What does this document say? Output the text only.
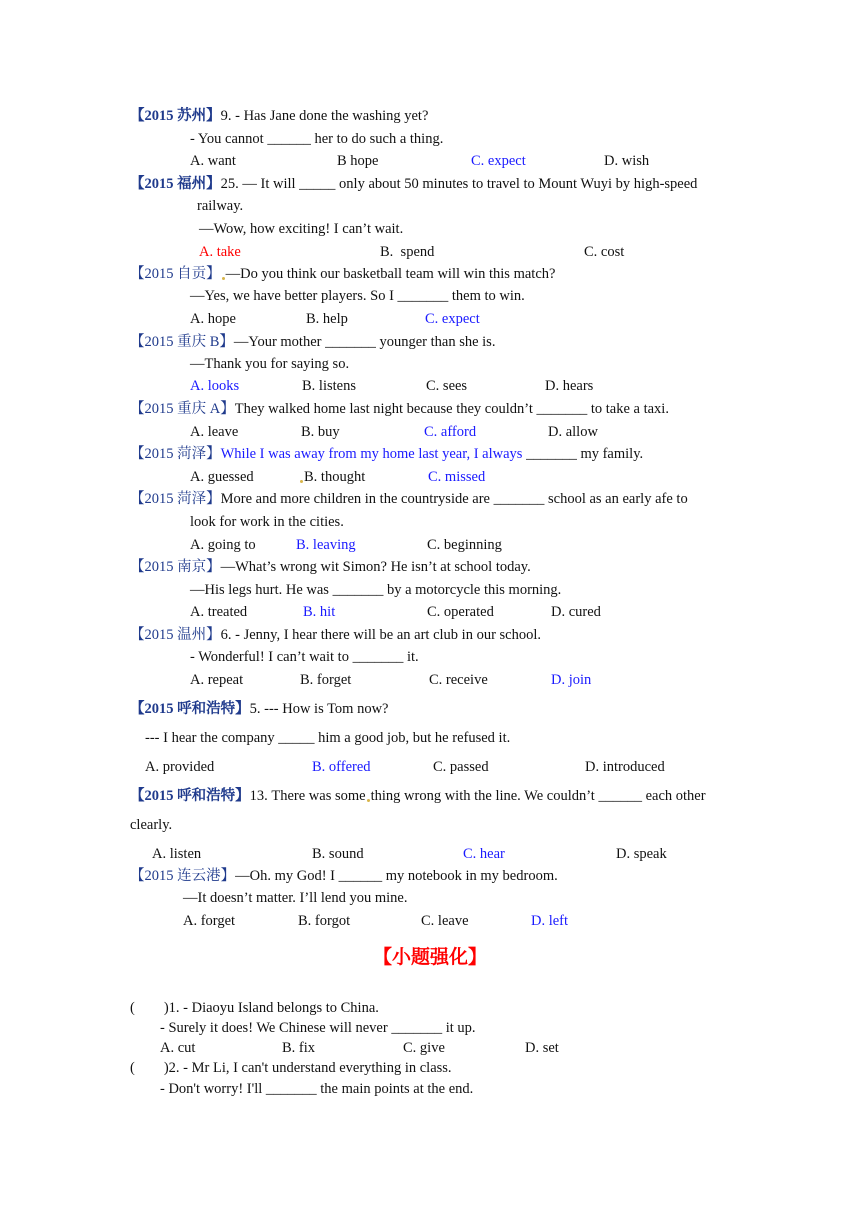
【2015 苏州】9. - Has Jane done the washing yet?
- You cannot ______ her to do such a thing.
A. want	B hope	C. expect	D. wish
【2015 福州】25. — It will _____ only about 50 minutes to travel to Mount Wuyi by high-speed
railway.
—Wow, how exciting! I can’t wait.
A. take	B.  spend	C. cost
【2015 自贡】 —Do you think our basketball team will win this match?
—Yes, we have better players. So I _______ them to win.
A. hope	B. help	C. expect
【2015 重庆 B】—Your mother _______ younger than she is.
—Thank you for saying so.
A. looks	B. listens	C. sees	D. hears
【2015 重庆 A】They walked home last night because they couldn’t _______ to take a taxi.
A. leave	B. buy	C. afford	D. allow
【2015 菏泽】While I was away from my home last year, I always _______ my family.
A. guessed	B. thought	C. missed
【2015 菏泽】More and more children in the countryside are _______ school as an early afe to
look for work in the cities.
A. going to	B. leaving	C. beginning
【2015 南京】—What’s wrong wit Simon? He isn’t at school today.
—His legs hurt. He was _______ by a motorcycle this morning.
A. treated	B. hit	C. operated	D. cured
【2015 温州】6. - Jenny, I hear there will be an art club in our school.
- Wonderful! I can’t wait to _______ it.
A. repeat	B. forget	C. receive	D. join
【2015 呼和浩特】5. --- How is Tom now?
--- I hear the company _____ him a good job, but he refused it.
A. provided	B. offered	C. passed	D. introduced
【2015 呼和浩特】13. There was some thing wrong with the line. We couldn’t ______ each other
clearly.
A. listen	B. sound	C. hear	D. speak
【2015 连云港】—Oh. my God! I ______ my notebook in my bedroom.
—It doesn’t matter. I’ll lend you mine.
A. forget	B. forgot	C. leave	D. left
【小题强化】
(        )1. - Diaoyu Island belongs to China.
- Surely it does! We Chinese will never _______ it up.
A. cut	B. fix	C. give	D. set
(        )2. - Mr Li, I can't understand everything in class.
- Don't worry! I'll _______ the main points at the end.
